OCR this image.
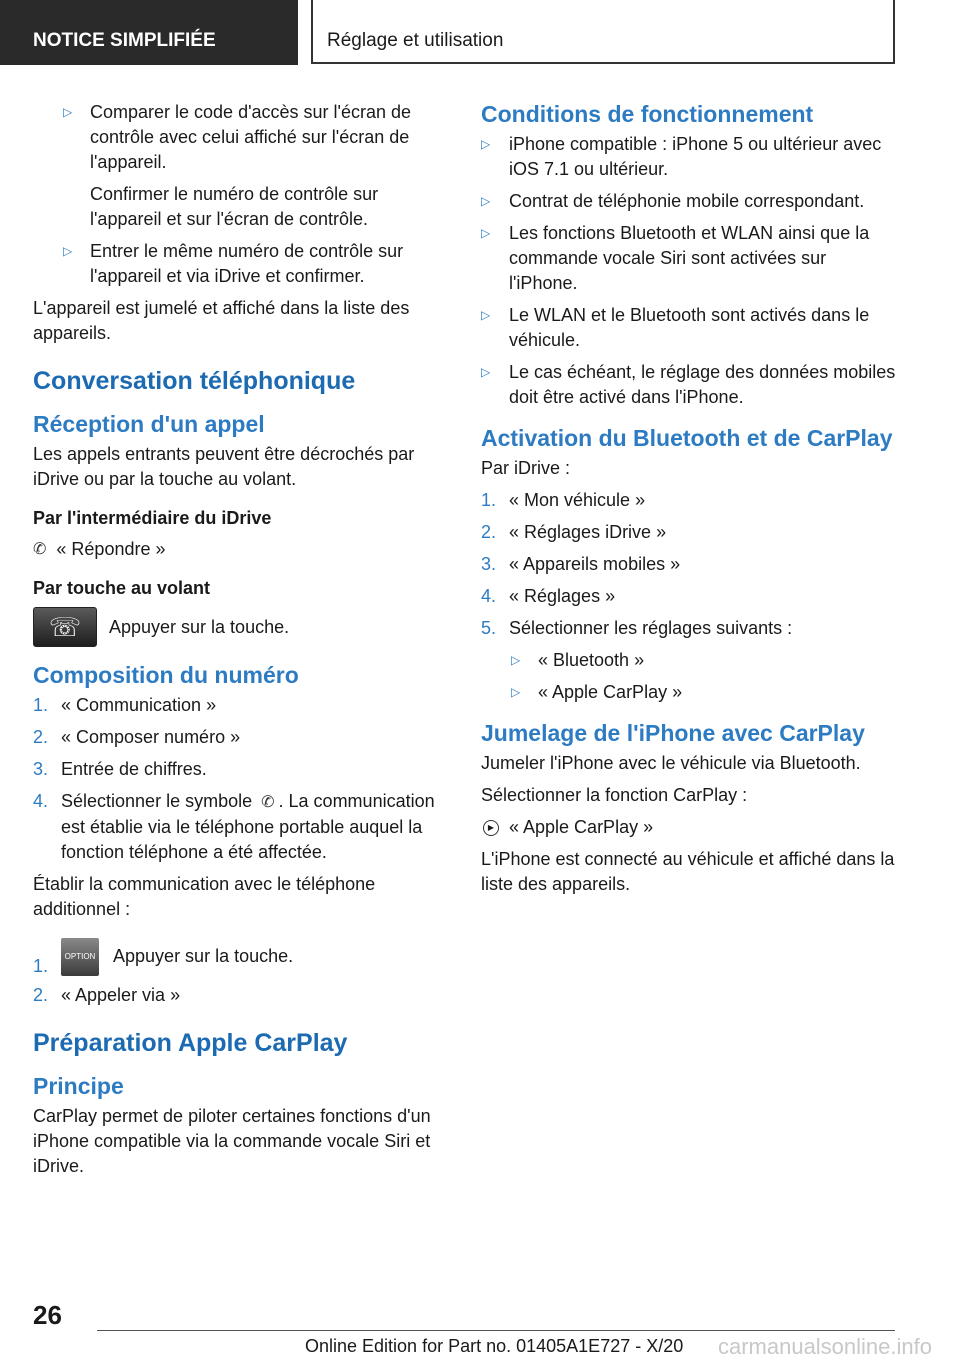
NOTICE SIMPLIFIÉE	Réglage et utilisation
▷ Comparer le code d'accès sur l'écran de contrôle avec celui affiché sur l'écran de l'appareil.
Confirmer le numéro de contrôle sur l'appareil et sur l'écran de contrôle.
▷ Entrer le même numéro de contrôle sur l'appareil et via iDrive et confirmer.

L'appareil est jumelé et affiché dans la liste des appareils.

Conversation téléphonique
Réception d'un appel

Les appels entrants peuvent être décrochés par iDrive ou par la touche au volant.

Par l'intermédiaire du iDrive
✆ « Répondre »
Par touche au volant
☏	Appuyer sur la touche.
Composition du numéro
1. « Communication »
2. « Composer numéro »
3. Entrée de chiffres.
4. Sélectionner le symbole ✆ . La communication est établie via le téléphone portable auquel la fonction téléphone a été affectée.

Établir la communication avec le téléphone additionnel :

1. OPTION Appuyer sur la touche.
2. « Appeler via »
Préparation Apple CarPlay
Principe

CarPlay permet de piloter certaines fonctions d'un iPhone compatible via la commande vocale Siri et iDrive.

Conditions de fonctionnement
▷ iPhone compatible : iPhone 5 ou ultérieur avec iOS 7.1 ou ultérieur.
▷ Contrat de téléphonie mobile correspondant.
▷ Les fonctions Bluetooth et WLAN ainsi que la commande vocale Siri sont activées sur l'iPhone.
▷ Le WLAN et le Bluetooth sont activés dans le véhicule.
▷ Le cas échéant, le réglage des données mobiles doit être activé dans l'iPhone.
Activation du Bluetooth et de CarPlay

Par iDrive :

1. « Mon véhicule »
2. « Réglages iDrive »
3. « Appareils mobiles »
4. « Réglages »
5. Sélectionner les réglages suivants :
▷ « Bluetooth »
▷ « Apple CarPlay »
Jumelage de l'iPhone avec CarPlay

Jumeler l'iPhone avec le véhicule via Bluetooth.

Sélectionner la fonction CarPlay :

▶ « Apple CarPlay »

L'iPhone est connecté au véhicule et affiché dans la liste des appareils.

26
Online Edition for Part no. 01405A1E727 - X/20 carmanualsonline.info
